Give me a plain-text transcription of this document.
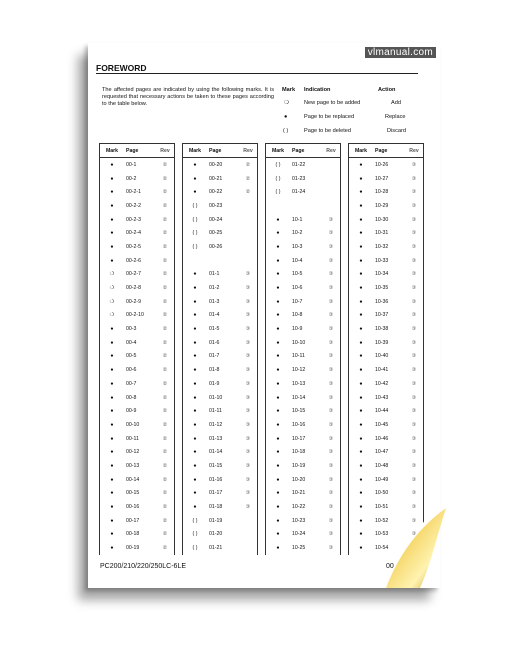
vlmanual.com
FOREWORD
The affected pages are indicated by using the following marks. It is requested that necessary actions be taken to these pages according to the table below.
Mark Indication	Action
❍	New page to be added	Add
●	Page to be replaced	Replace
( )	Page to be deleted	Discard
Mark	Page	Rev
●	00-1	②
●	00-2	②
●	00-2-1	②
●	00-2-2	②
●	00-2-3	②
●	00-2-4	②
●	00-2-5	②
●	00-2-6	②
❍	00-2-7	②
❍	00-2-8	②
❍	00-2-9	②
❍	00-2-10	②
●	00-3	②
●	00-4	②
●	00-5	②
●	00-6	②
●	00-7	②
●	00-8	②
●	00-9	②
●	00-10	②
●	00-11	②
●	00-12	②
●	00-13	②
●	00-14	②
●	00-15	②
●	00-16	②
●	00-17	②
●	00-18	②
●	00-19	②
Mark	Page	Rev
●	00-20	②
●	00-21	②
●	00-22	②
( )	00-23	
( )	00-24	
( )	00-25	
( )	00-26	

●	01-1	③
●	01-2	③
●	01-3	③
●	01-4	③
●	01-5	③
●	01-6	③
●	01-7	③
●	01-8	③
●	01-9	③
●	01-10	③
●	01-11	③
●	01-12	③
●	01-13	③
●	01-14	③
●	01-15	③
●	01-16	③
●	01-17	③
●	01-18	③
( )	01-19	
( )	01-20	
( )	01-21	
Mark	Page	Rev
( )	01-22	
( )	01-23	
( )	01-24	

●	10-1	③
●	10-2	③
●	10-3	③
●	10-4	③
●	10-5	③
●	10-6	③
●	10-7	③
●	10-8	③
●	10-9	③
●	10-10	③
●	10-11	③
●	10-12	③
●	10-13	③
●	10-14	③
●	10-15	③
●	10-16	③
●	10-17	③
●	10-18	③
●	10-19	③
●	10-20	③
●	10-21	③
●	10-22	③
●	10-23	③
●	10-24	③
●	10-25	③
Mark	Page	Rev
●	10-26	③
●	10-27	③
●	10-28	③
●	10-29	③
●	10-30	③
●	10-31	③
●	10-32	③
●	10-33	③
●	10-34	③
●	10-35	③
●	10-36	③
●	10-37	③
●	10-38	③
●	10-39	③
●	10-40	③
●	10-41	③
●	10-42	③
●	10-43	③
●	10-44	③
●	10-45	③
●	10-46	③
●	10-47	③
●	10-48	③
●	10-49	③
●	10-50	③
●	10-51	③
●	10-52	③
●	10-53	③
●	10-54	
PC200/210/220/250LC-6LE	00
